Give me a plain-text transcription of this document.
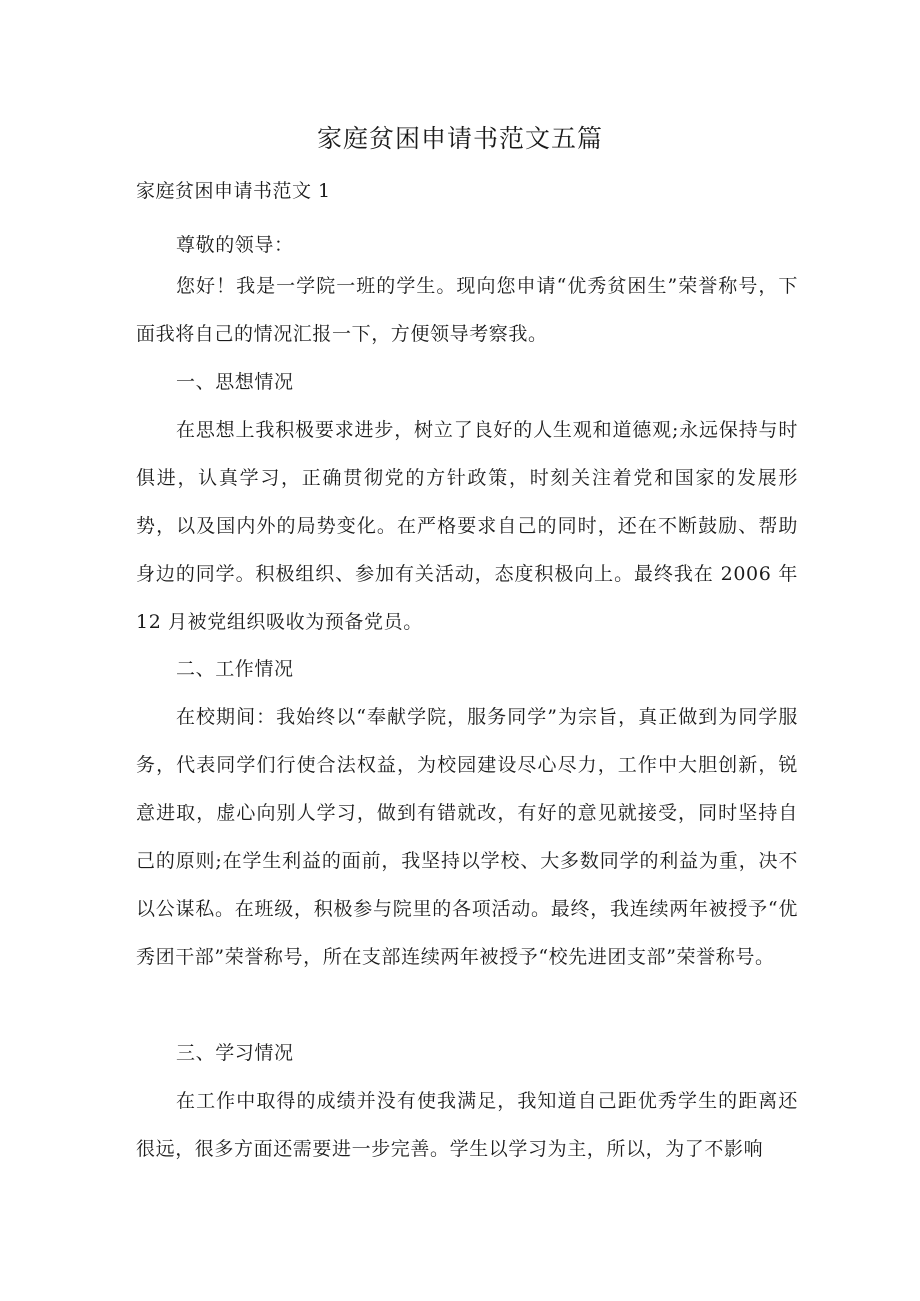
家庭贫困申请书范文五篇
家庭贫困申请书范文 1

尊敬的领导：

您好！我是一学院一班的学生。现向您申请“优秀贫困生”荣誉称号，下面我将自己的情况汇报一下，方便领导考察我。

一、思想情况

在思想上我积极要求进步，树立了良好的人生观和道德观;永远保持与时俱进，认真学习，正确贯彻党的方针政策，时刻关注着党和国家的发展形势，以及国内外的局势变化。在严格要求自己的同时，还在不断鼓励、帮助身边的同学。积极组织、参加有关活动，态度积极向上。最终我在 2006 年 12 月被党组织吸收为预备党员。

二、工作情况

在校期间：我始终以“奉献学院，服务同学”为宗旨，真正做到为同学服务，代表同学们行使合法权益，为校园建设尽心尽力，工作中大胆创新，锐意进取，虚心向别人学习，做到有错就改，有好的意见就接受，同时坚持自己的原则;在学生利益的面前，我坚持以学校、大多数同学的利益为重，决不以公谋私。在班级，积极参与院里的各项活动。最终，我连续两年被授予“优秀团干部”荣誉称号，所在支部连续两年被授予“校先进团支部”荣誉称号。

三、学习情况

在工作中取得的成绩并没有使我满足，我知道自己距优秀学生的距离还很远，很多方面还需要进一步完善。学生以学习为主，所以，为了不影响
